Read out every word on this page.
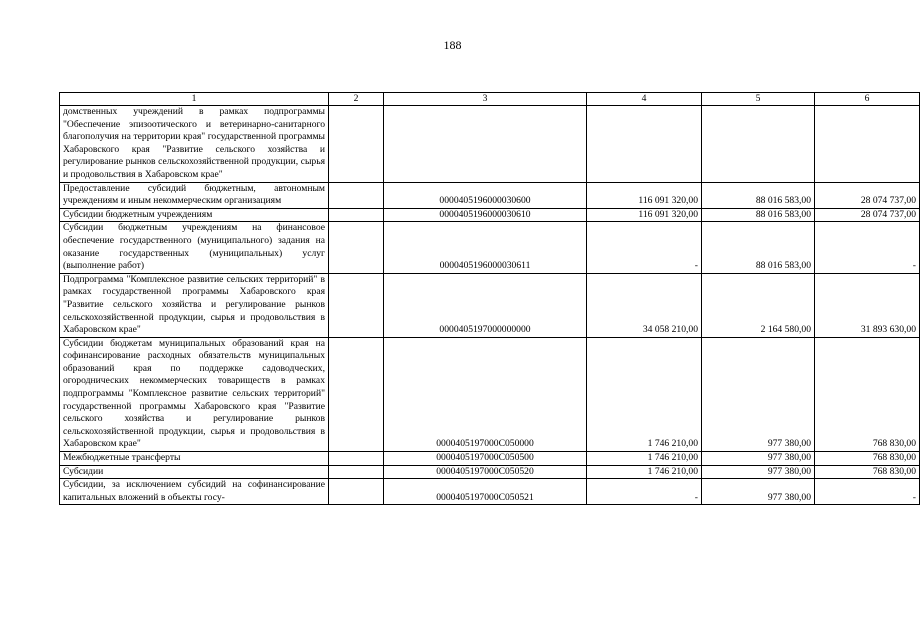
188
1	2	3	4	5	6
домственных учреждений в рамках подпрограммы "Обеспечение эпизоотического и ветеринарно-санитарного благополучия на территории края" государственной программы Хабаровского края "Развитие сельского хозяйства и регулирование рынков сельскохозяйственной продукции, сырья и продовольствия в Хабаровском крае"					
Предоставление субсидий бюджетным, автономным учреждениям и иным некоммерческим организациям		0000405196000030600	116 091 320,00	88 016 583,00	28 074 737,00
Субсидии бюджетным учреждениям		0000405196000030610	116 091 320,00	88 016 583,00	28 074 737,00
Субсидии бюджетным учреждениям на финансовое обеспечение государственного (муниципального) задания на оказание государственных (муниципальных) услуг (выполнение работ)		0000405196000030611	-	88 016 583,00	-
Подпрограмма "Комплексное развитие сельских территорий" в рамках государственной программы Хабаровского края "Развитие сельского хозяйства и регулирование рынков сельскохозяйственной продукции, сырья и продовольствия в Хабаровском крае"		0000405197000000000	34 058 210,00	2 164 580,00	31 893 630,00
Субсидии бюджетам муниципальных образований края на софинансирование расходных обязательств муниципальных образований края по поддержке садоводческих, огороднических некоммерческих товариществ в рамках подпрограммы "Комплексное развитие сельских территорий" государственной программы Хабаровского края "Развитие сельского хозяйства и регулирование рынков сельскохозяйственной продукции, сырья и продовольствия в Хабаровском крае"		0000405197000C050000	1 746 210,00	977 380,00	768 830,00
Межбюджетные трансферты		0000405197000C050500	1 746 210,00	977 380,00	768 830,00
Субсидии		0000405197000C050520	1 746 210,00	977 380,00	768 830,00
Субсидии, за исключением субсидий на софинансирование капитальных вложений в объекты госу-		0000405197000C050521	-	977 380,00	-
